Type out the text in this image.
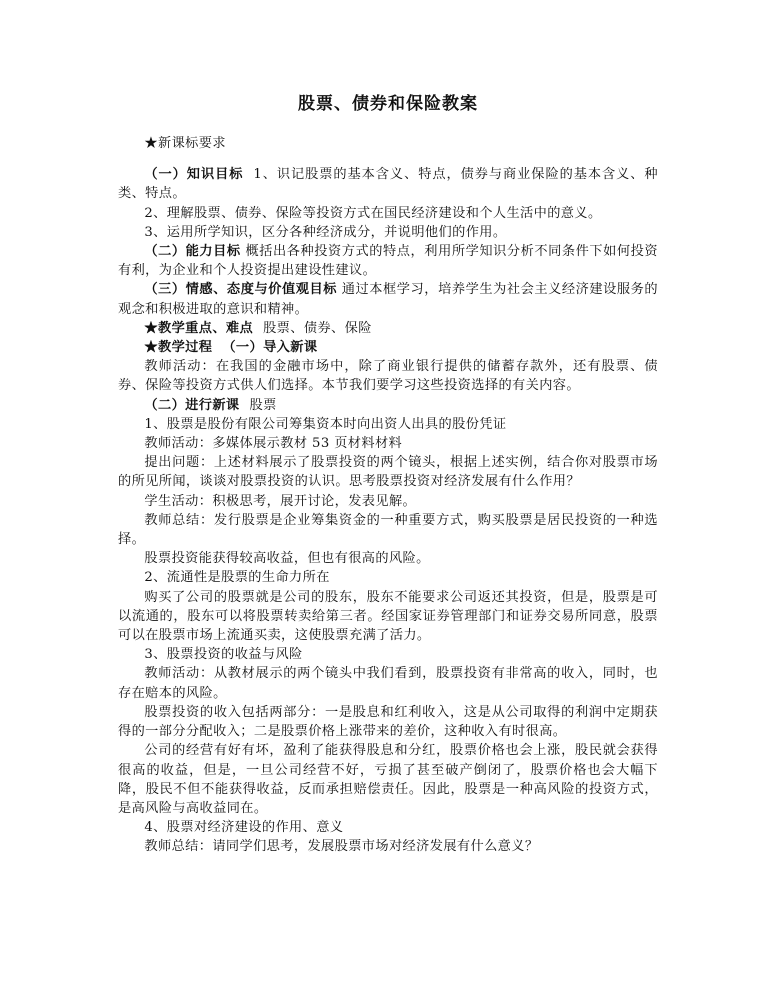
股票、债券和保险教案

★新课标要求

（一）知识目标 1、识记股票的基本含义、特点，债券与商业保险的基本含义、种类、特点。

2、理解股票、债券、保险等投资方式在国民经济建设和个人生活中的意义。

3、运用所学知识，区分各种经济成分，并说明他们的作用。

（二）能力目标 概括出各种投资方式的特点，利用所学知识分析不同条件下如何投资有利，为企业和个人投资提出建设性建议。

（三）情感、态度与价值观目标 通过本框学习，培养学生为社会主义经济建设服务的观念和积极进取的意识和精神。

★教学重点、难点 股票、债券、保险

★教学过程 （一）导入新课

教师活动：在我国的金融市场中，除了商业银行提供的储蓄存款外，还有股票、债券、保险等投资方式供人们选择。本节我们要学习这些投资选择的有关内容。

（二）进行新课 股票

1、股票是股份有限公司筹集资本时向出资人出具的股份凭证

教师活动：多媒体展示教材 53 页材料材料

提出问题：上述材料展示了股票投资的两个镜头，根据上述实例，结合你对股票市场的所见所闻，谈谈对股票投资的认识。思考股票投资对经济发展有什么作用？

学生活动：积极思考，展开讨论，发表见解。

教师总结：发行股票是企业筹集资金的一种重要方式，购买股票是居民投资的一种选择。

股票投资能获得较高收益，但也有很高的风险。

2、流通性是股票的生命力所在

购买了公司的股票就是公司的股东，股东不能要求公司返还其投资，但是，股票是可以流通的，股东可以将股票转卖给第三者。经国家证券管理部门和证券交易所同意，股票可以在股票市场上流通买卖，这使股票充满了活力。

3、股票投资的收益与风险

教师活动：从教材展示的两个镜头中我们看到，股票投资有非常高的收入，同时，也存在赔本的风险。

股票投资的收入包括两部分：一是股息和红利收入，这是从公司取得的利润中定期获得的一部分分配收入；二是股票价格上涨带来的差价，这种收入有时很高。

公司的经营有好有坏，盈利了能获得股息和分红，股票价格也会上涨，股民就会获得很高的收益，但是，一旦公司经营不好，亏损了甚至破产倒闭了，股票价格也会大幅下降，股民不但不能获得收益，反而承担赔偿责任。因此，股票是一种高风险的投资方式，是高风险与高收益同在。

4、股票对经济建设的作用、意义

教师总结：请同学们思考，发展股票市场对经济发展有什么意义？
